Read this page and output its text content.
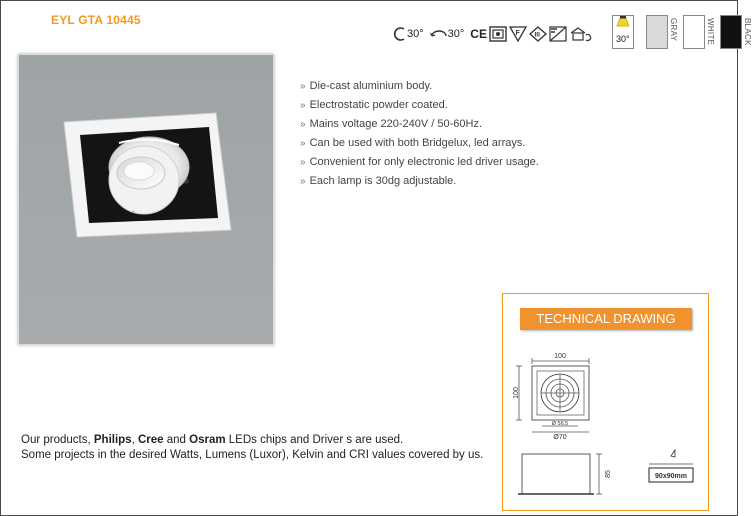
EYL GTA 10445
30° 30° CE	F III	30°	GRAY	WHITE	BLACK
» Die-cast aluminium body.
» Electrostatic powder coated.
» Mains voltage 220-240V / 50-60Hz.
» Can be used with both Bridgelux, led arrays.
» Convenient for only electronic led driver usage.
» Each lamp is 30dg adjustable.
Our products, Philips, Cree and Osram LEDs chips and Driver s are used.
Some projects in the desired Watts, Lumens (Luxor), Kelvin and CRI values covered by us.
TECHNICAL DRAWING
100
100
Ø 56,5
Ø70
85	90x90mm
